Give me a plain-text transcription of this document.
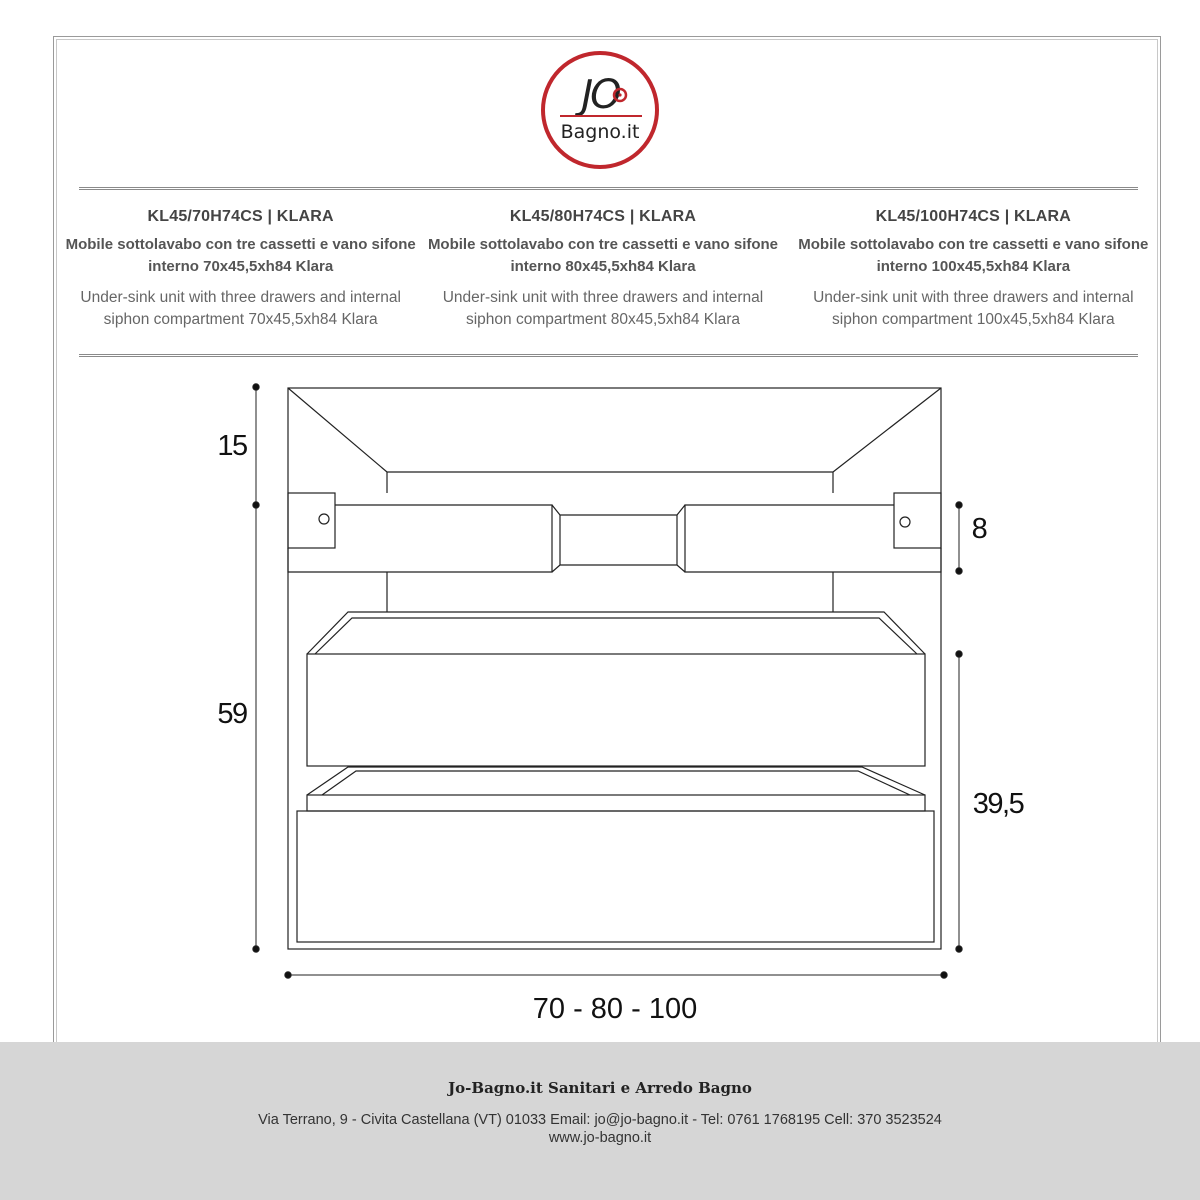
JO
Bagno.it
KL45/70H74CS | KLARA
Mobile sottolavabo con tre cassetti e vano sifone interno 70x45,5xh84 Klara
Under-sink unit with three drawers and internal siphon compartment 70x45,5xh84 Klara
KL45/80H74CS | KLARA
Mobile sottolavabo con tre cassetti e vano sifone interno 80x45,5xh84 Klara
Under-sink unit with three drawers and internal siphon compartment 80x45,5xh84 Klara
KL45/100H74CS | KLARA
Mobile sottolavabo con tre cassetti e vano sifone interno 100x45,5xh84 Klara
Under-sink unit with three drawers and internal siphon compartment 100x45,5xh84 Klara
15
59
8
39,5
70 - 80 - 100
Jo-Bagno.it Sanitari e Arredo Bagno
Via Terrano, 9 - Civita Castellana (VT) 01033 Email: jo@jo-bagno.it - Tel: 0761 1768195 Cell: 370 3523524
www.jo-bagno.it
